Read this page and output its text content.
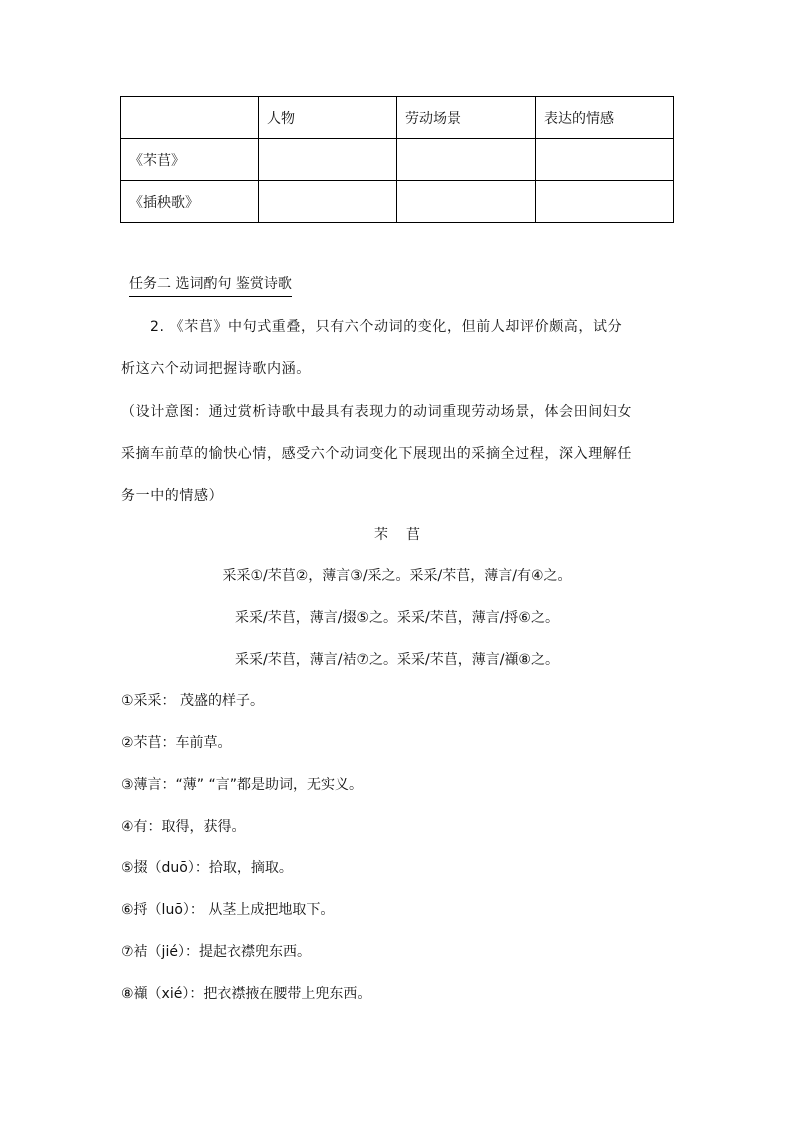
	人物	劳动场景	表达的情感
《芣苢》			
《插秧歌》			
任务二 选词酌句 鉴赏诗歌
2. 《芣苢》中句式重叠，只有六个动词的变化，但前人却评价颇高，试分
析这六个动词把握诗歌内涵。
（设计意图：通过赏析诗歌中最具有表现力的动词重现劳动场景，体会田间妇女
采摘车前草的愉快心情，感受六个动词变化下展现出的采摘全过程，深入理解任
务一中的情感）
芣苢
采采①/芣苢②，薄言③/采之。采采/芣苢，薄言/有④之。
采采/芣苢，薄言/掇⑤之。采采/芣苢，薄言/捋⑥之。
采采/芣苢，薄言/袺⑦之。采采/芣苢，薄言/襭⑧之。
①采采： 茂盛的样子。
②芣苢：车前草。
③薄言：“薄” “言”都是助词，无实义。
④有：取得，获得。
⑤掇（duō）：拾取，摘取。
⑥捋（luō）： 从茎上成把地取下。
⑦袺（jié）：提起衣襟兜东西。
⑧襭（xié）：把衣襟掖在腰带上兜东西。
